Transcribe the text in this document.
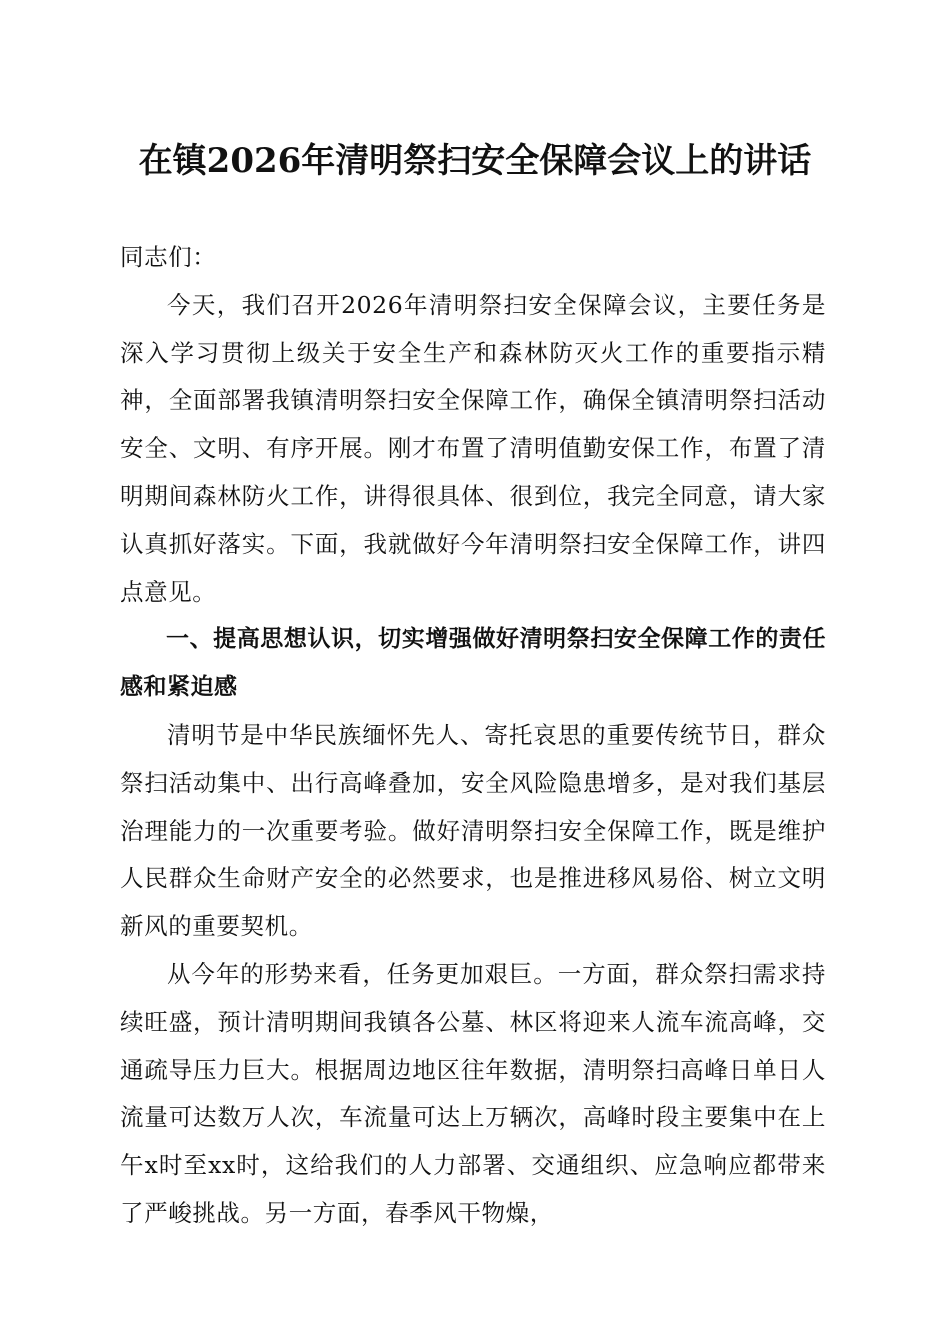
在镇2026年清明祭扫安全保障会议上的讲话

同志们：

今天，我们召开2026年清明祭扫安全保障会议，主要任务是深入学习贯彻上级关于安全生产和森林防灭火工作的重要指示精神，全面部署我镇清明祭扫安全保障工作，确保全镇清明祭扫活动安全、文明、有序开展。刚才布置了清明值勤安保工作，布置了清明期间森林防火工作，讲得很具体、很到位，我完全同意，请大家认真抓好落实。下面，我就做好今年清明祭扫安全保障工作，讲四点意见。

一、提高思想认识，切实增强做好清明祭扫安全保障工作的责任感和紧迫感

清明节是中华民族缅怀先人、寄托哀思的重要传统节日，群众祭扫活动集中、出行高峰叠加，安全风险隐患增多，是对我们基层治理能力的一次重要考验。做好清明祭扫安全保障工作，既是维护人民群众生命财产安全的必然要求，也是推进移风易俗、树立文明新风的重要契机。

从今年的形势来看，任务更加艰巨。一方面，群众祭扫需求持续旺盛，预计清明期间我镇各公墓、林区将迎来人流车流高峰，交通疏导压力巨大。根据周边地区往年数据，清明祭扫高峰日单日人流量可达数万人次，车流量可达上万辆次，高峰时段主要集中在上午x时至xx时，这给我们的人力部署、交通组织、应急响应都带来了严峻挑战。另一方面，春季风干物燥，
